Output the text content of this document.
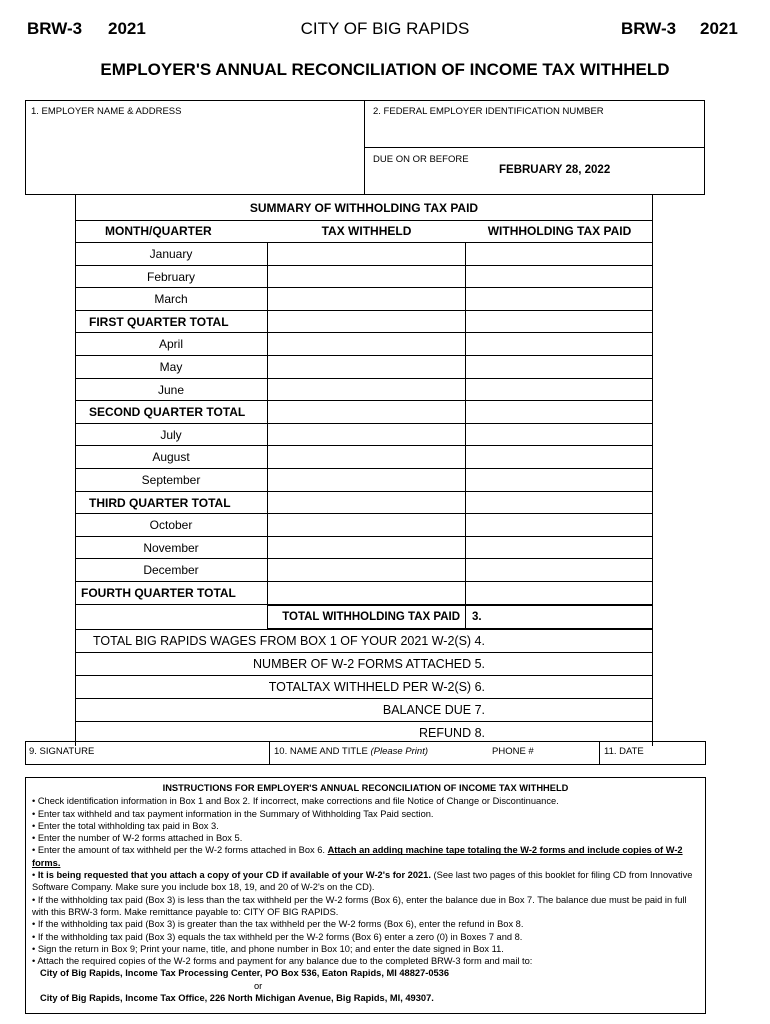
BRW-3 2021	CITY OF BIG RAPIDS	BRW-3 2021
EMPLOYER'S ANNUAL RECONCILIATION OF INCOME TAX WITHHELD
1. EMPLOYER NAME & ADDRESS	2. FEDERAL EMPLOYER IDENTIFICATION NUMBER
DUE ON OR BEFORE
FEBRUARY 28, 2022
SUMMARY OF WITHHOLDING TAX PAID
MONTH/QUARTER	TAX WITHHELD	WITHHOLDING TAX PAID
January
February
March
FIRST QUARTER TOTAL
April
May
June
SECOND QUARTER TOTAL
July
August
September
THIRD QUARTER TOTAL
October
November
December
FOURTH QUARTER TOTAL
TOTAL WITHHOLDING TAX PAID 3.
TOTAL BIG RAPIDS WAGES FROM BOX 1 OF YOUR 2021 W-2(S) 4.
NUMBER OF W-2 FORMS ATTACHED 5.
TOTALTAX WITHHELD PER W-2(S) 6.
BALANCE DUE 7.
REFUND 8.
9. SIGNATURE	10. NAME AND TITLE (Please Print)	PHONE #	11. DATE
INSTRUCTIONS FOR EMPLOYER'S ANNUAL RECONCILIATION OF INCOME TAX WITHHELD
• Check identification information in Box 1 and Box 2. If incorrect, make corrections and file Notice of Change or Discontinuance.
• Enter tax withheld and tax payment information in the Summary of Withholding Tax Paid section.
• Enter the total withholding tax paid in Box 3.
• Enter the number of W-2 forms attached in Box 5.
• Enter the amount of tax withheld per the W-2 forms attached in Box 6. Attach an adding machine tape totaling the W-2 forms and include copies of W-2 forms.
• It is being requested that you attach a copy of your CD if available of your W-2's for 2021. (See last two pages of this booklet for filing CD from Innovative Software Company. Make sure you include box 18, 19, and 20 of W-2's on the CD).
• If the withholding tax paid (Box 3) is less than the tax withheld per the W-2 forms (Box 6), enter the balance due in Box 7. The balance due must be paid in full with this BRW-3 form. Make remittance payable to: CITY OF BIG RAPIDS.
• If the withholding tax paid (Box 3) is greater than the tax withheld per the W-2 forms (Box 6), enter the refund in Box 8.
• If the withholding tax paid (Box 3) equals the tax withheld per the W-2 forms (Box 6) enter a zero (0) in Boxes 7 and 8.
• Sign the return in Box 9; Print your name, title, and phone number in Box 10; and enter the date signed in Box 11.
• Attach the required copies of the W-2 forms and payment for any balance due to the completed BRW-3 form and mail to:
City of Big Rapids, Income Tax Processing Center, PO Box 536, Eaton Rapids, MI 48827-0536
or
City of Big Rapids, Income Tax Office, 226 North Michigan Avenue, Big Rapids, MI, 49307.
